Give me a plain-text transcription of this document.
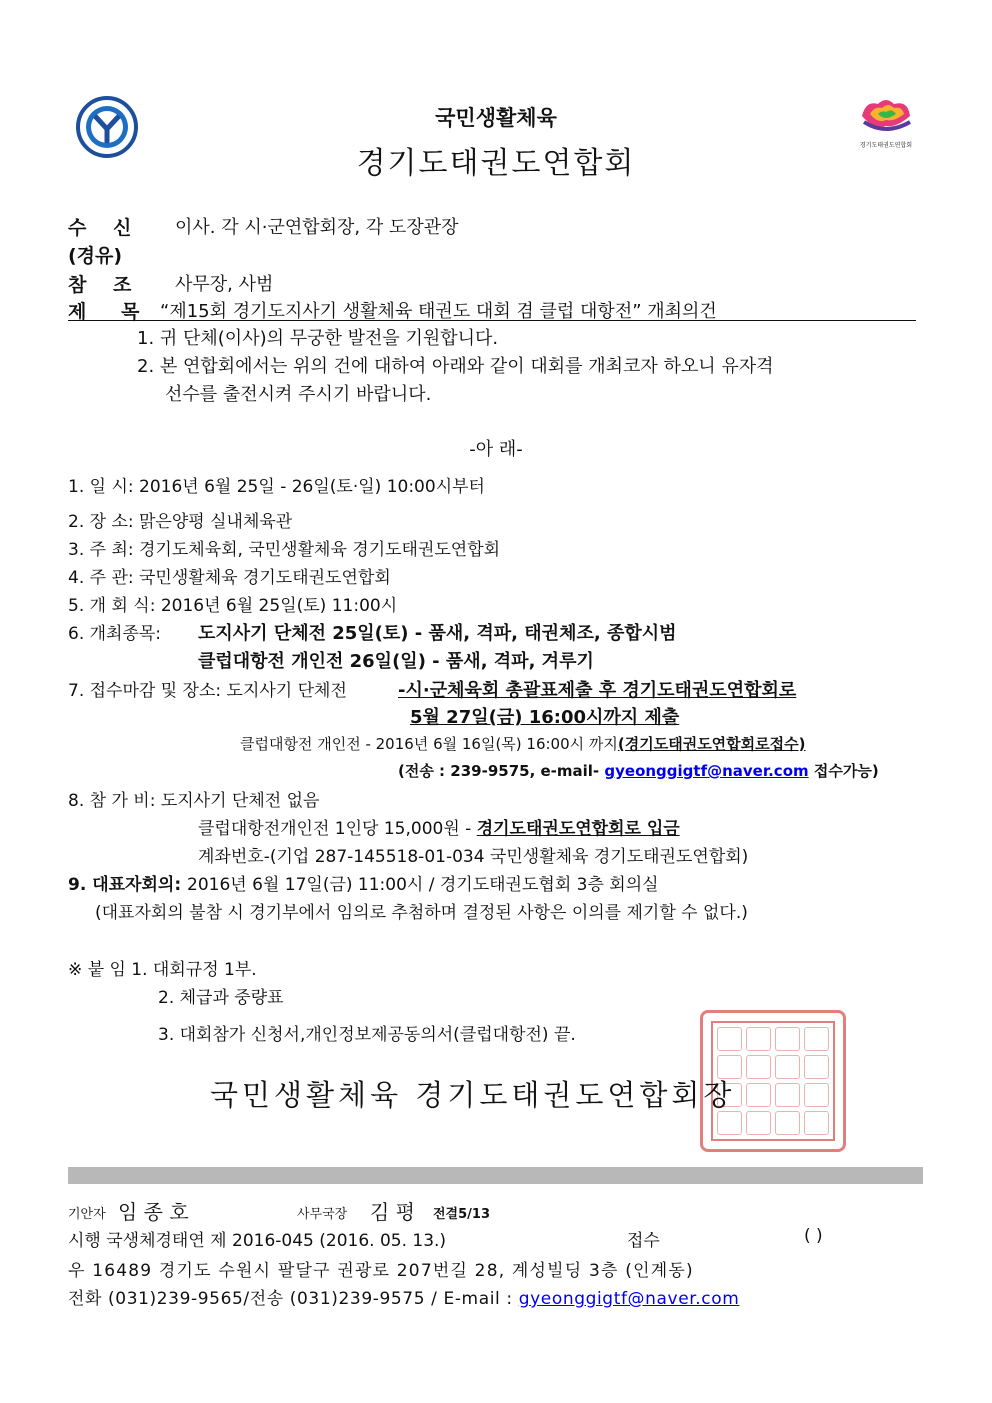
국민생활체육
경기도태권도연합회
경기도태권도연합회
수 신 이사. 각 시·군연합회장, 각 도장관장
(경유)
참 조 사무장, 사범
제 목 “제15회 경기도지사기 생활체육 태권도 대회 겸 클럽 대항전” 개최의건
1. 귀 단체(이사)의 무궁한 발전을 기원합니다.
2. 본 연합회에서는 위의 건에 대하여 아래와 같이 대회를 개최코자 하오니 유자격
선수를 출전시켜 주시기 바랍니다.
-아 래-
1. 일 시: 2016년 6월 25일 - 26일(토·일) 10:00시부터
2. 장 소: 맑은양평 실내체육관
3. 주 최: 경기도체육회, 국민생활체육 경기도태권도연합회
4. 주 관: 국민생활체육 경기도태권도연합회
5. 개 회 식: 2016년 6월 25일(토) 11:00시
6. 개최종목: 도지사기 단체전 25일(토) - 품새, 격파, 태권체조, 종합시범
클럽대항전 개인전 26일(일) - 품새, 격파, 겨루기
7. 접수마감 및 장소: 도지사기 단체전	-시·군체육회 총괄표제출 후 경기도태권도연합회로
5월 27일(금) 16:00시까지 제출
클럽대항전 개인전 - 2016년 6월 16일(목) 16:00시 까지(경기도태권도연합회로접수)
(전송 : 239-9575, e-mail- gyeonggigtf@naver.com 접수가능)
8. 참 가 비: 도지사기 단체전 없음
클럽대항전개인전 1인당 15,000원 - 경기도태권도연합회로 입금
계좌번호-(기업 287-145518-01-034 국민생활체육 경기도태권도연합회)
9. 대표자회의: 2016년 6월 17일(금) 11:00시 / 경기도태권도협회 3층 회의실
(대표자회의 불참 시 경기부에서 임의로 추첨하며 결정된 사항은 이의를 제기할 수 없다.)
※ 붙 임 1. 대회규정 1부.
2. 체급과 중량표
3. 대회참가 신청서,개인정보제공동의서(클럽대항전) 끝.
국민생활체육 경기도태권도연합회장
기안자 임 종 호	사무국장 김 평 전결5/13
시행 국생체경태연 제 2016-045 (2016. 05. 13.)	접수	( )
우 16489 경기도 수원시 팔달구 권광로 207번길 28, 계성빌딩 3층 (인계동)
전화 (031)239-9565/전송 (031)239-9575 / E-mail : gyeonggigtf@naver.com
